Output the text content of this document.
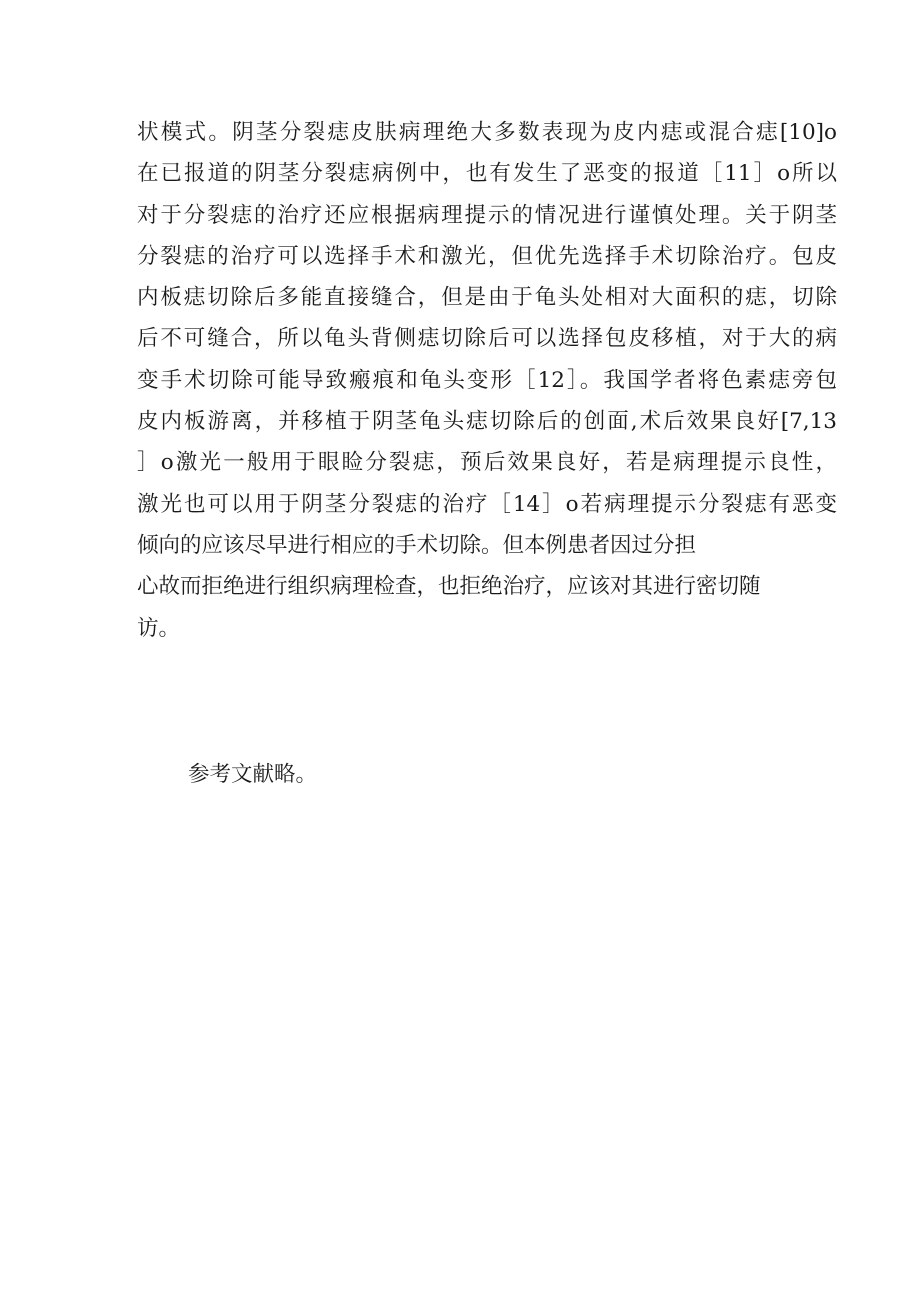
状模式。阴茎分裂痣皮肤病理绝大多数表现为皮内痣或混合痣[10]o
在已报道的阴茎分裂痣病例中，也有发生了恶变的报道［11］o所以
对于分裂痣的治疗还应根据病理提示的情况进行谨慎处理。关于阴茎
分裂痣的治疗可以选择手术和激光，但优先选择手术切除治疗。包皮
内板痣切除后多能直接缝合，但是由于龟头处相对大面积的痣，切除
后不可缝合，所以龟头背侧痣切除后可以选择包皮移植，对于大的病
变手术切除可能导致瘢痕和龟头变形［12］。我国学者将色素痣旁包
皮内板游离，并移植于阴茎龟头痣切除后的创面,术后效果良好[7,13
］o激光一般用于眼睑分裂痣，预后效果良好，若是病理提示良性，
激光也可以用于阴茎分裂痣的治疗［14］o若病理提示分裂痣有恶变
倾向的应该尽早进行相应的手术切除。但本例患者因过分担
心故而拒绝进行组织病理检查，也拒绝治疗，应该对其进行密切随
访。
参考文献略。
